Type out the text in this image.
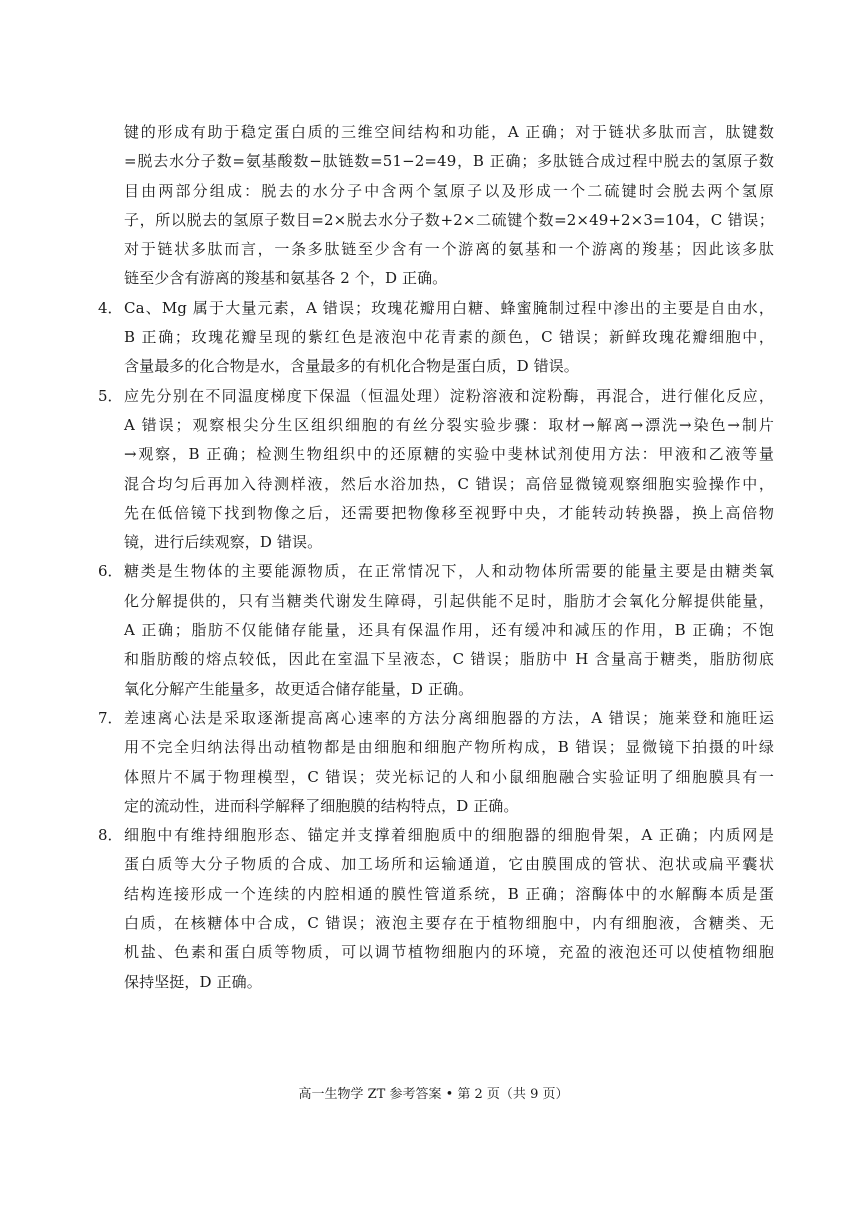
键的形成有助于稳定蛋白质的三维空间结构和功能，A 正确；对于链状多肽而言，肽键数
=脱去水分子数=氨基酸数−肽链数=51−2=49，B 正确；多肽链合成过程中脱去的氢原子数
目由两部分组成：脱去的水分子中含两个氢原子以及形成一个二硫键时会脱去两个氢原
子，所以脱去的氢原子数目=2×脱去水分子数+2×二硫键个数=2×49+2×3=104，C 错误；
对于链状多肽而言，一条多肽链至少含有一个游离的氨基和一个游离的羧基；因此该多肽
链至少含有游离的羧基和氨基各 2 个，D 正确。
4． Ca、Mg 属于大量元素，A 错误；玫瑰花瓣用白糖、蜂蜜腌制过程中渗出的主要是自由水，
B 正确；玫瑰花瓣呈现的紫红色是液泡中花青素的颜色，C 错误；新鲜玫瑰花瓣细胞中，
含量最多的化合物是水，含量最多的有机化合物是蛋白质，D 错误。
5． 应先分别在不同温度梯度下保温（恒温处理）淀粉溶液和淀粉酶，再混合，进行催化反应，
A 错误；观察根尖分生区组织细胞的有丝分裂实验步骤：取材→解离→漂洗→染色→制片
→观察，B 正确；检测生物组织中的还原糖的实验中斐林试剂使用方法：甲液和乙液等量
混合均匀后再加入待测样液，然后水浴加热，C 错误；高倍显微镜观察细胞实验操作中，
先在低倍镜下找到物像之后，还需要把物像移至视野中央，才能转动转换器，换上高倍物
镜，进行后续观察，D 错误。
6． 糖类是生物体的主要能源物质，在正常情况下，人和动物体所需要的能量主要是由糖类氧
化分解提供的，只有当糖类代谢发生障碍，引起供能不足时，脂肪才会氧化分解提供能量，
A 正确；脂肪不仅能储存能量，还具有保温作用，还有缓冲和减压的作用，B 正确；不饱
和脂肪酸的熔点较低，因此在室温下呈液态，C 错误；脂肪中 H 含量高于糖类，脂肪彻底
氧化分解产生能量多，故更适合储存能量，D 正确。
7． 差速离心法是采取逐渐提高离心速率的方法分离细胞器的方法，A 错误；施莱登和施旺运
用不完全归纳法得出动植物都是由细胞和细胞产物所构成，B 错误；显微镜下拍摄的叶绿
体照片不属于物理模型，C 错误；荧光标记的人和小鼠细胞融合实验证明了细胞膜具有一
定的流动性，进而科学解释了细胞膜的结构特点，D 正确。
8． 细胞中有维持细胞形态、锚定并支撑着细胞质中的细胞器的细胞骨架，A 正确；内质网是
蛋白质等大分子物质的合成、加工场所和运输通道，它由膜围成的管状、泡状或扁平囊状
结构连接形成一个连续的内腔相通的膜性管道系统，B 正确；溶酶体中的水解酶本质是蛋
白质，在核糖体中合成，C 错误；液泡主要存在于植物细胞中，内有细胞液，含糖类、无
机盐、色素和蛋白质等物质，可以调节植物细胞内的环境，充盈的液泡还可以使植物细胞
保持坚挺，D 正确。
高一生物学 ZT 参考答案 • 第 2 页（共 9 页）
